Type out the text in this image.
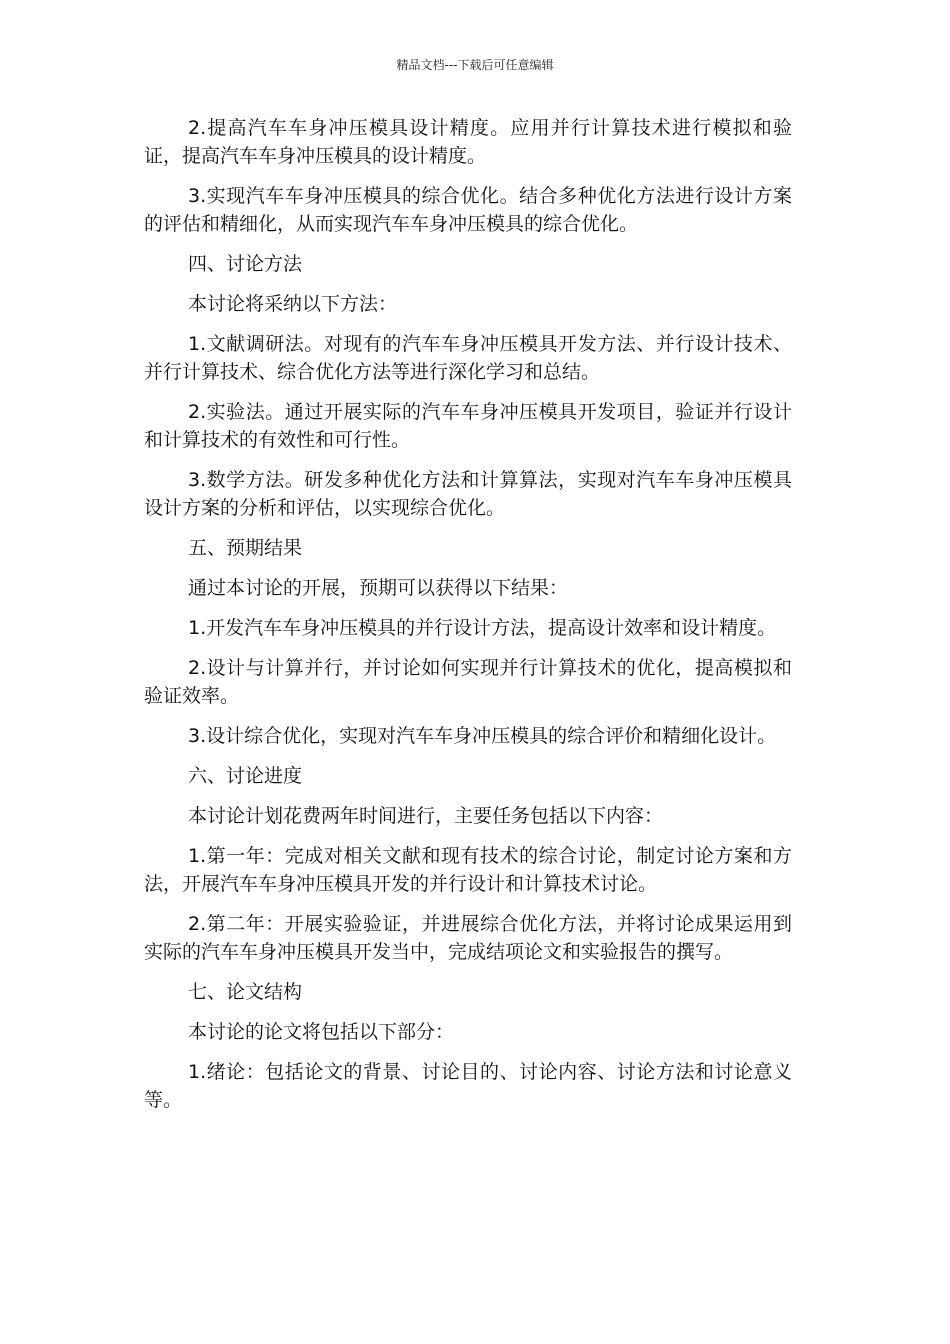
精品文档---下载后可任意编辑

2.提高汽车车身冲压模具设计精度。应用并行计算技术进行模拟和验证，提高汽车车身冲压模具的设计精度。

3.实现汽车车身冲压模具的综合优化。结合多种优化方法进行设计方案的评估和精细化，从而实现汽车车身冲压模具的综合优化。

四、讨论方法

本讨论将采纳以下方法：

1.文献调研法。对现有的汽车车身冲压模具开发方法、并行设计技术、并行计算技术、综合优化方法等进行深化学习和总结。

2.实验法。通过开展实际的汽车车身冲压模具开发项目，验证并行设计和计算技术的有效性和可行性。

3.数学方法。研发多种优化方法和计算算法，实现对汽车车身冲压模具设计方案的分析和评估，以实现综合优化。

五、预期结果

通过本讨论的开展，预期可以获得以下结果：

1.开发汽车车身冲压模具的并行设计方法，提高设计效率和设计精度。

2.设计与计算并行，并讨论如何实现并行计算技术的优化，提高模拟和验证效率。

3.设计综合优化，实现对汽车车身冲压模具的综合评价和精细化设计。

六、讨论进度

本讨论计划花费两年时间进行，主要任务包括以下内容：

1.第一年：完成对相关文献和现有技术的综合讨论，制定讨论方案和方法，开展汽车车身冲压模具开发的并行设计和计算技术讨论。

2.第二年：开展实验验证，并进展综合优化方法，并将讨论成果运用到实际的汽车车身冲压模具开发当中，完成结项论文和实验报告的撰写。

七、论文结构

本讨论的论文将包括以下部分：

1.绪论：包括论文的背景、讨论目的、讨论内容、讨论方法和讨论意义等。
